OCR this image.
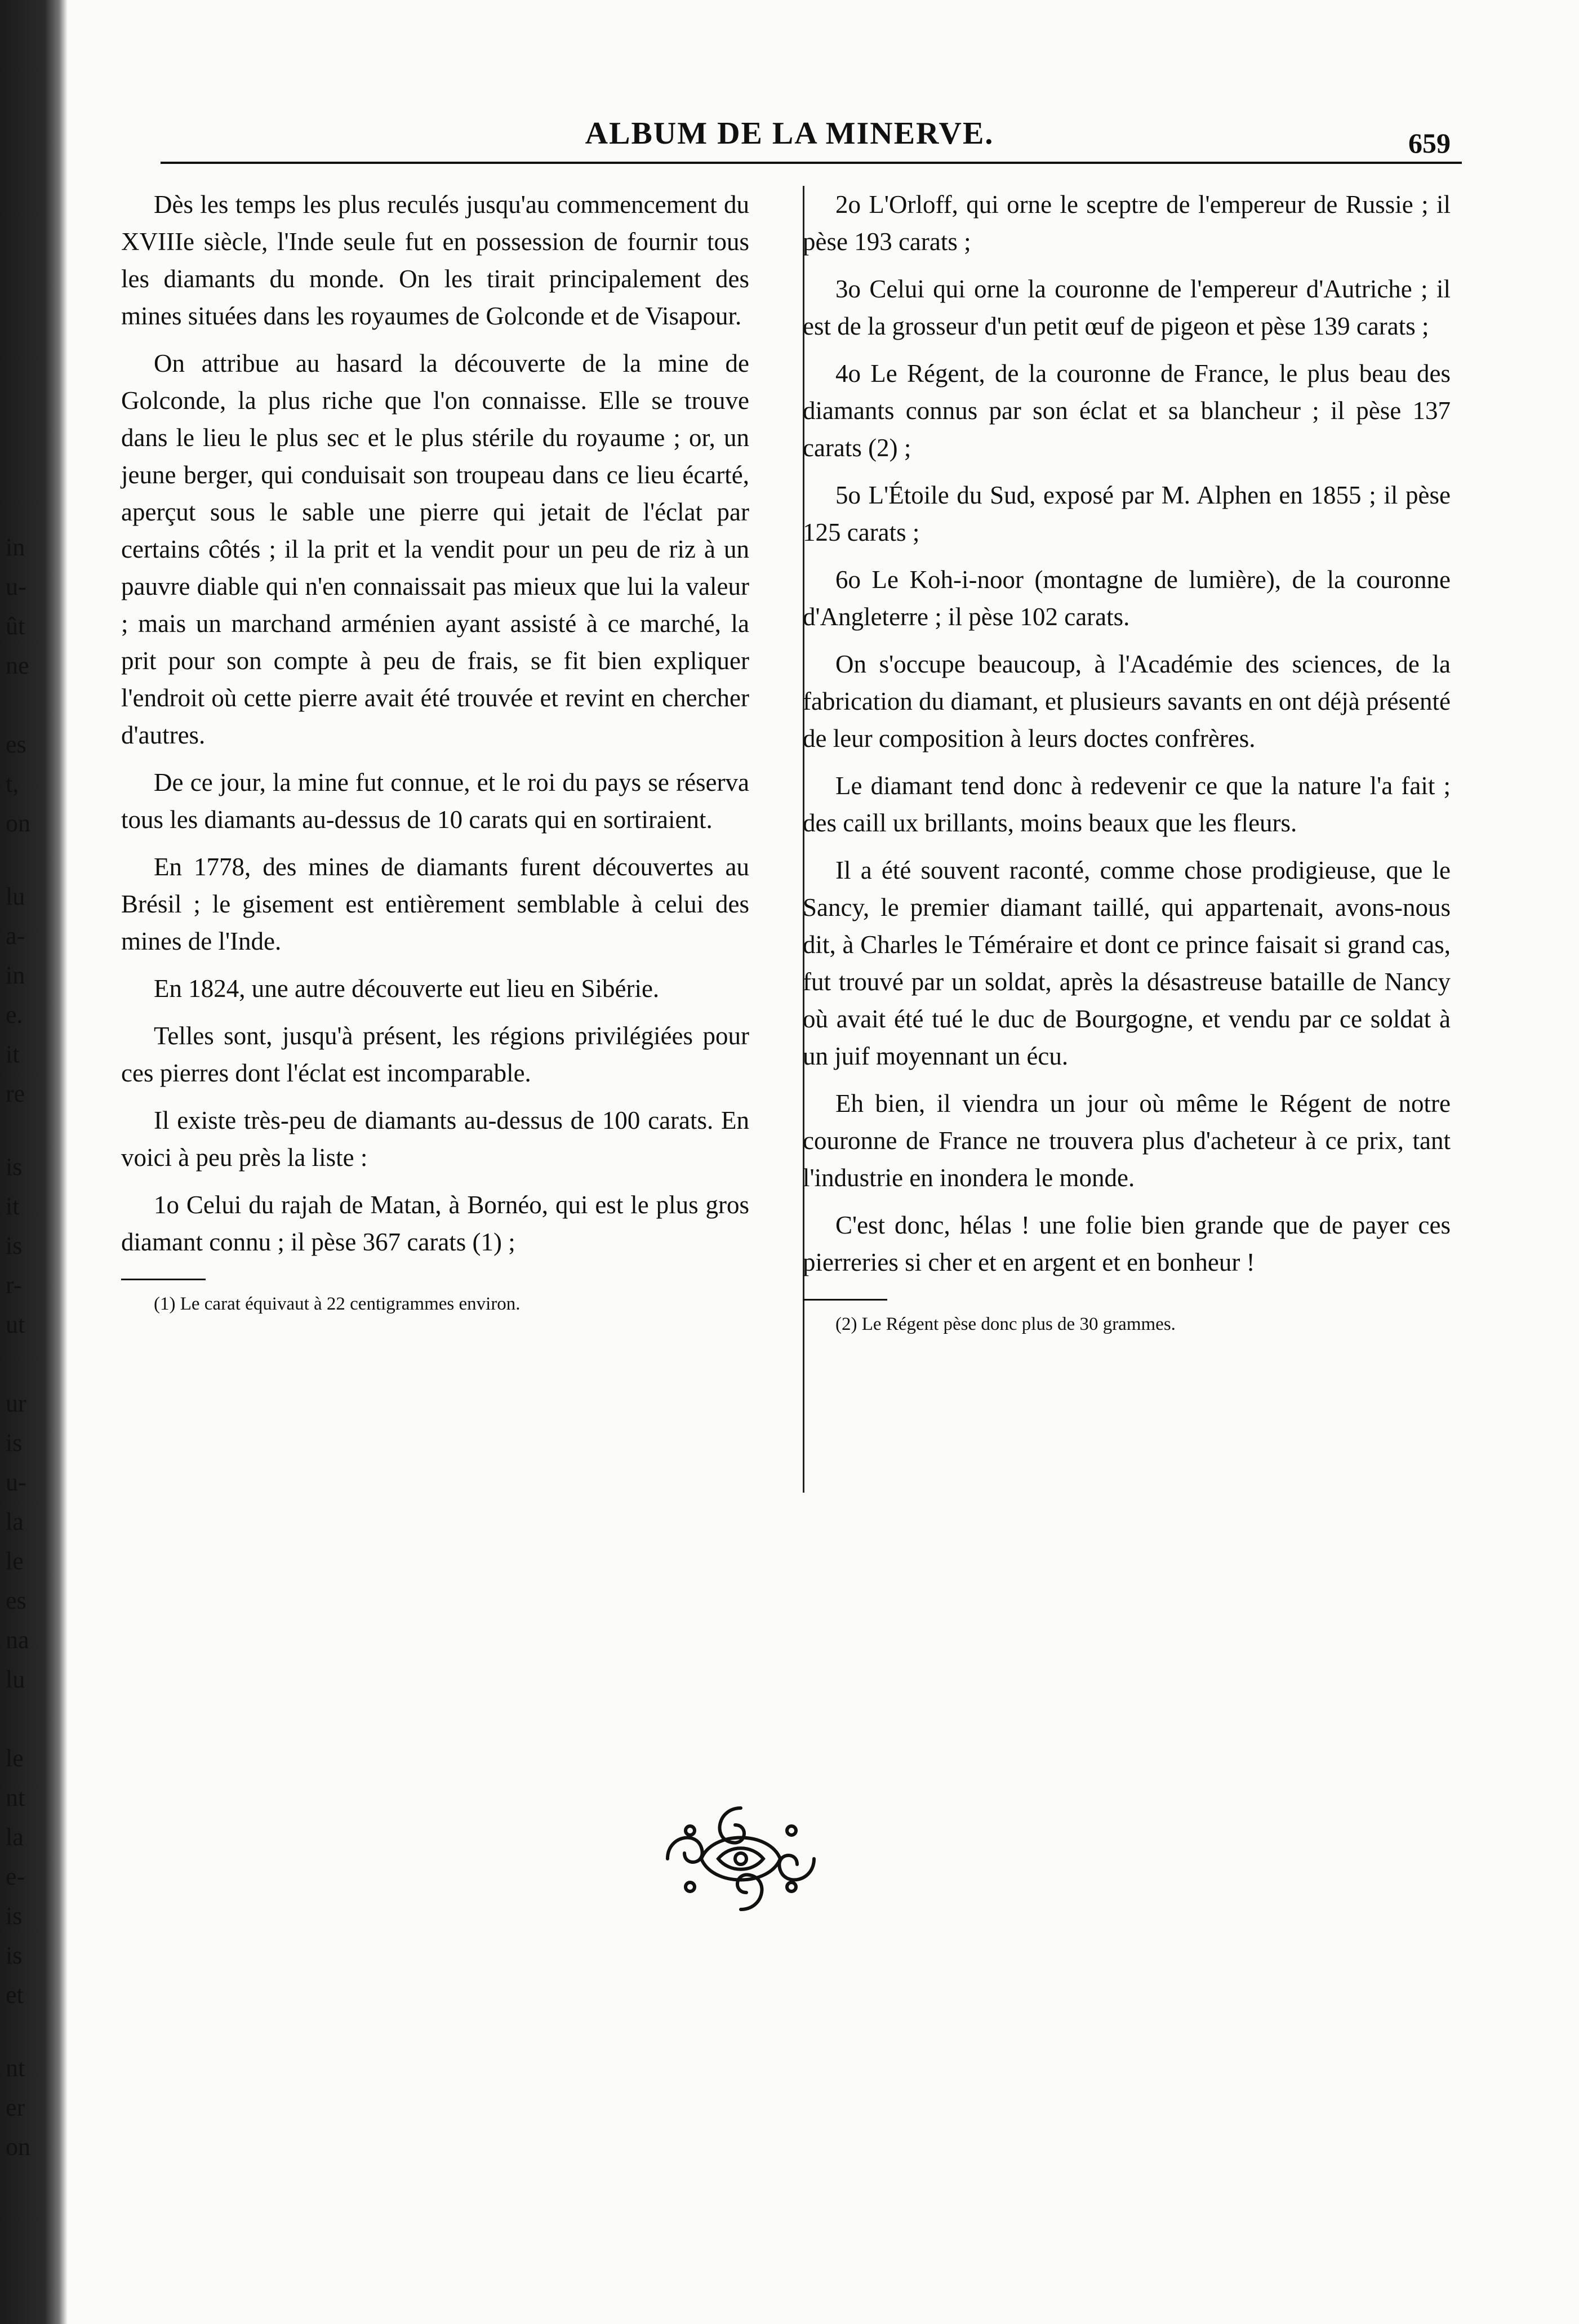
in
u-
ût
ne
es
t,
on
lu
a-
in
e.
it
re
is
it
is
r-
ut
ur
is
u-
la
le
es
na
lu
le
nt
la
e-
is
is
et
nt
er
on
ALBUM DE LA MINERVE.	659

Dès les temps les plus reculés jusqu'au commencement du XVIIIe siècle, l'Inde seule fut en possession de fournir tous les diamants du monde. On les tirait principalement des mines situées dans les royaumes de Golconde et de Visapour.

On attribue au hasard la découverte de la mine de Golconde, la plus riche que l'on connaisse. Elle se trouve dans le lieu le plus sec et le plus stérile du royaume ; or, un jeune berger, qui conduisait son troupeau dans ce lieu écarté, aperçut sous le sable une pierre qui jetait de l'éclat par certains côtés ; il la prit et la vendit pour un peu de riz à un pauvre diable qui n'en connaissait pas mieux que lui la valeur ; mais un marchand arménien ayant assisté à ce marché, la prit pour son compte à peu de frais, se fit bien expliquer l'endroit où cette pierre avait été trouvée et revint en chercher d'autres.

De ce jour, la mine fut connue, et le roi du pays se réserva tous les diamants au-dessus de 10 carats qui en sortiraient.

En 1778, des mines de diamants furent découvertes au Brésil ; le gisement est entièrement semblable à celui des mines de l'Inde.

En 1824, une autre découverte eut lieu en Sibérie.

Telles sont, jusqu'à présent, les régions privilégiées pour ces pierres dont l'éclat est incomparable.

Il existe très-peu de diamants au-dessus de 100 carats. En voici à peu près la liste :

1o Celui du rajah de Matan, à Bornéo, qui est le plus gros diamant connu ; il pèse 367 carats (1) ;

(1) Le carat équivaut à 22 centigrammes environ.

2o L'Orloff, qui orne le sceptre de l'empereur de Russie ; il pèse 193 carats ;

3o Celui qui orne la couronne de l'empereur d'Autriche ; il est de la grosseur d'un petit œuf de pigeon et pèse 139 carats ;

4o Le Régent, de la couronne de France, le plus beau des diamants connus par son éclat et sa blancheur ; il pèse 137 carats (2) ;

5o L'Étoile du Sud, exposé par M. Alphen en 1855 ; il pèse 125 carats ;

6o Le Koh-i-noor (montagne de lumière), de la couronne d'Angleterre ; il pèse 102 carats.

On s'occupe beaucoup, à l'Académie des sciences, de la fabrication du diamant, et plusieurs savants en ont déjà présenté de leur composition à leurs doctes confrères.

Le diamant tend donc à redevenir ce que la nature l'a fait ; des caill ux brillants, moins beaux que les fleurs.

Il a été souvent raconté, comme chose prodigieuse, que le Sancy, le premier diamant taillé, qui appartenait, avons-nous dit, à Charles le Téméraire et dont ce prince faisait si grand cas, fut trouvé par un soldat, après la désastreuse bataille de Nancy où avait été tué le duc de Bourgogne, et vendu par ce soldat à un juif moyennant un écu.

Eh bien, il viendra un jour où même le Régent de notre couronne de France ne trouvera plus d'acheteur à ce prix, tant l'industrie en inondera le monde.

C'est donc, hélas ! une folie bien grande que de payer ces pierreries si cher et en argent et en bonheur !

(2) Le Régent pèse donc plus de 30 grammes.
